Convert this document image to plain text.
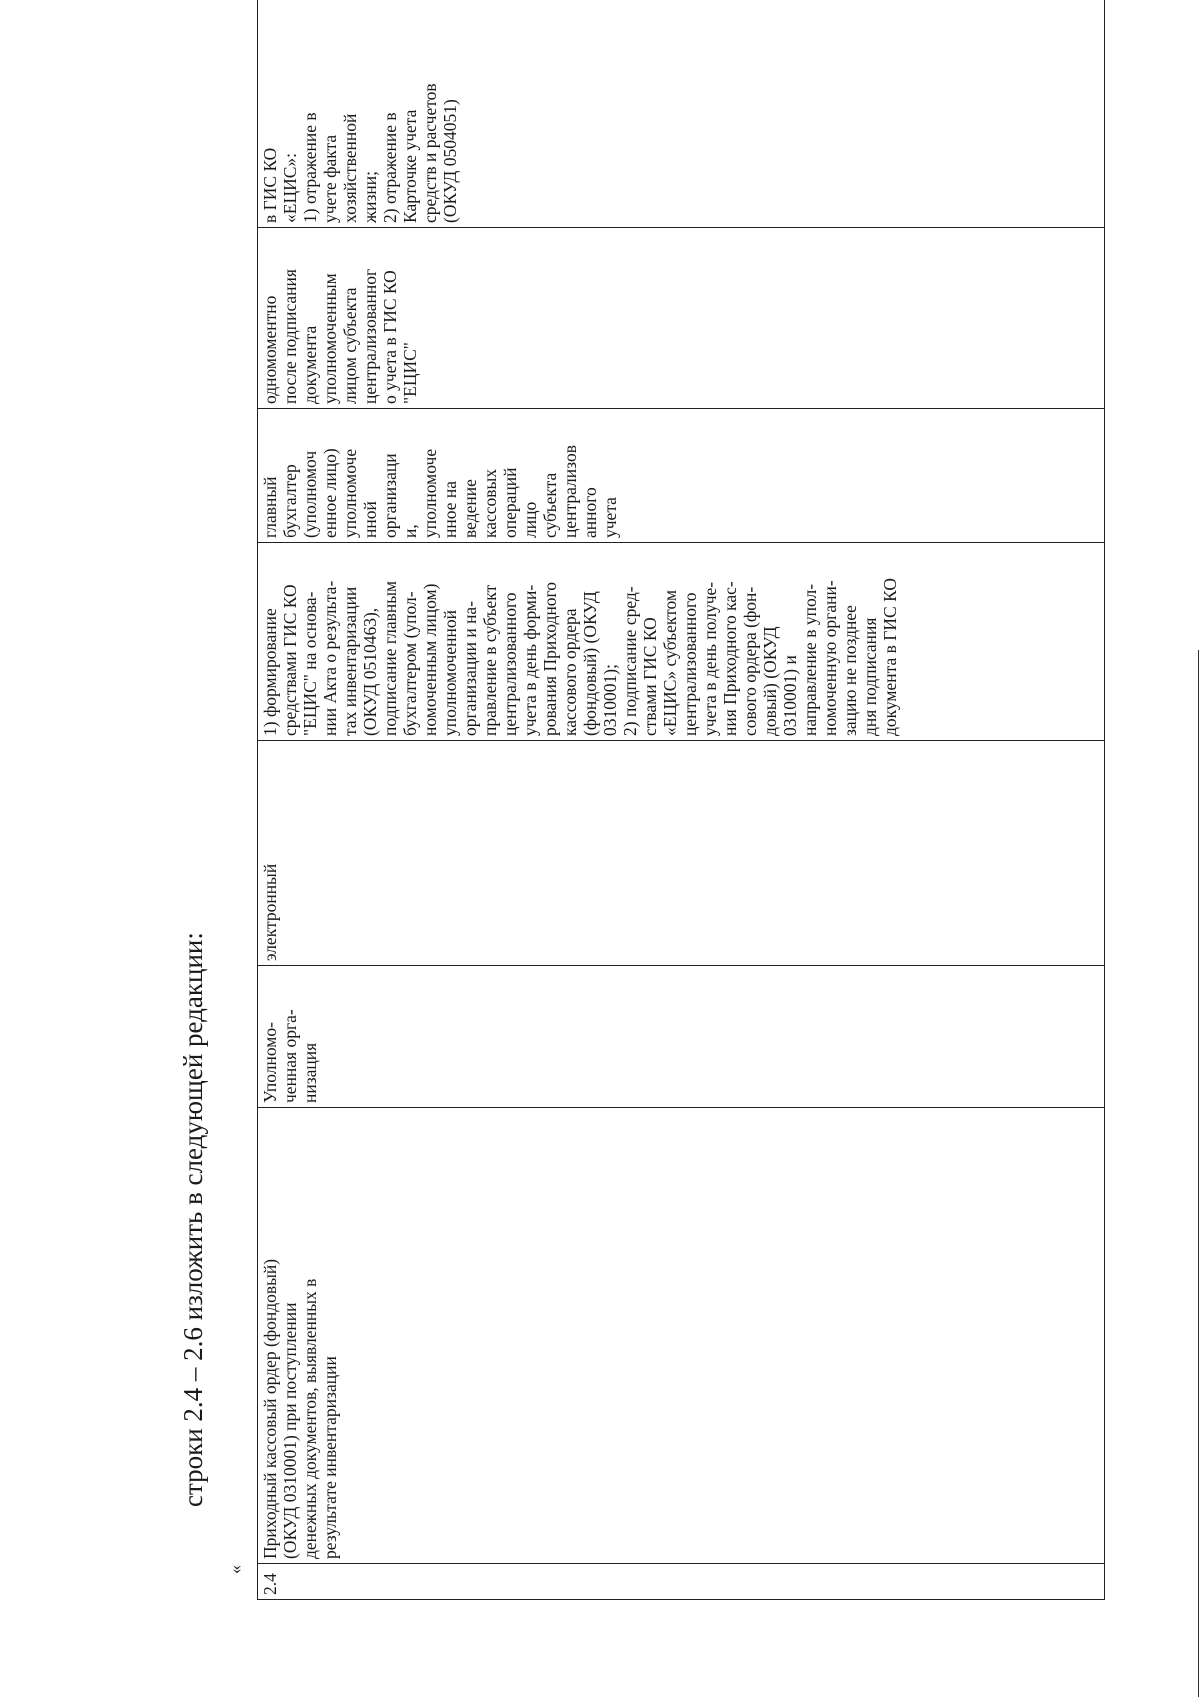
строки 2.4 – 2.6 изложить в следующей редакции:
«
2.4

Приходный кассовый ордер (фондовый)
(ОКУД 0310001) при поступлении
денежных документов, выявленных в
результате инвентаризации

Уполномо-
ченная орга-
низация

электронный

1) формирование
средствами ГИС КО
"ЕЦИС" на основа-
нии Акта о результа-
тах инвентаризации
(ОКУД 0510463),
подписание главным
бухгалтером (упол-
номоченным лицом)
уполномоченной
организации и на-
правление в субъект
централизованного
учета в день форми-
рования Приходного
кассового ордера
(фондовый) (ОКУД
0310001);
2) подписание сред-
ствами ГИС КО
«ЕЦИС» субъектом
централизованного
учета в день получе-
ния Приходного кас-
сового ордера (фон-
довый) (ОКУД
0310001) и
направление в упол-
номоченную органи-
зацию не позднее
дня подписания
документа в ГИС КО

главный
бухгалтер
(уполномоч
енное лицо)
уполномоче
нной
организаци
и,
уполномоче
нное на
ведение
кассовых
операций
лицо
субъекта
централизов
анного
учета

одномоментно
после подписания
документа
уполномоченным
лицом субъекта
централизованног
о учета в ГИС КО
"ЕЦИС"

в ГИС КО
«ЕЦИС»:
1) отражение в
учете факта
хозяйственной
жизни;
2) отражение в
Карточке учета
средств и расчетов
(ОКУД 0504051)
